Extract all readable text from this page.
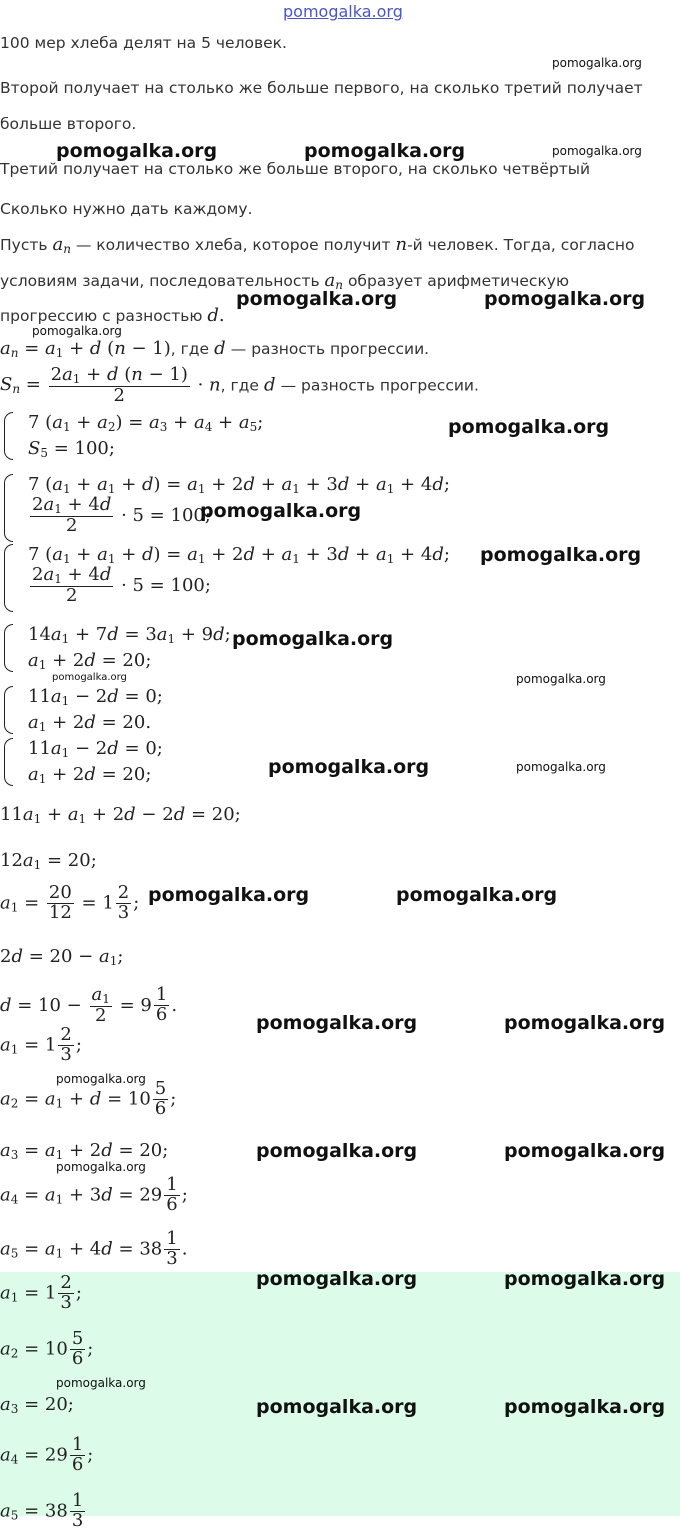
pomogalka.org
100 мер хлеба делят на 5 человек.
Второй получает на столько же больше первого, на сколько третий получает
больше второго.
Третий получает на столько же больше второго, на сколько четвёртый
Сколько нужно дать каждому.
Пусть $a_n$ — количество хлеба, которое получит n-й человек. Тогда, согласно
условиям задачи, последовательность $a_n$ образует арифметическую
прогрессию с разностью d.
$a_n = a_1 + d$ (n − 1), где d — разность прогрессии.
$S_n = \frac{2a_1 + d (n - 1)}{2} \cdot n$, где d — разность прогрессии.
7 $(a_1 + a_2) = a_3 + a_4 + a_5$;
$S_5 = 100$;
7 $(a_1 + a_1 + d) = a_1 + 2d + a_1 + 3d + a_1 + 4d$;
$\frac{2a_1 + 4d}{2} \cdot 5 = 100$;
7 $(a_1 + a_1 + d) = a_1 + 2d + a_1 + 3d + a_1 + 4d$;
$\frac{2a_1 + 4d}{2} \cdot 5 = 100$;
$14a_1 + 7d = 3a_1 + 9d$;
$a_1 + 2d = 20$;
$11a_1 - 2d = 0$;
$a_1 + 2d = 20$.
$11a_1 - 2d = 0$;
$a_1 + 2d = 20$;
$11a_1 + a_1 + 2d - 2d = 20$;
$12a_1 = 20$;
$a_1 = \frac{20}{12} = 1 \frac{2}{3}$ ;
$2d = 20 - a_1$;
$d = 10 - \frac{a_1}{2} = 9 \frac{1}{6}$ .
$a_1 = 1 \frac{2}{3}$ ;
$a_2 = a_1 + d = 10 \frac{5}{6}$ ;
$a_3 = a_1 + 2d = 20$;
$a_4 = a_1 + 3d = 29 \frac{1}{6}$ ;
$a_5 = a_1 + 4d = 38 \frac{1}{3}$ .
$a_1 = 1 \frac{2}{3}$ ;
$a_2 = 10 \frac{5}{6}$ ;
$a_3 = 20$;
$a_4 = 29 \frac{1}{6}$ ;
$a_5 = 38 \frac{1}{3}$
pomogalka.org
pomogalka.org	pomogalka.org	pomogalka.org
pomogalka.org	pomogalka.org
pomogalka.org
pomogalka.org
pomogalka.org
pomogalka.org
pomogalka.org
pomogalka.org	pomogalka.org
pomogalka.org	pomogalka.org
pomogalka.org	pomogalka.org
pomogalka.org	pomogalka.org
pomogalka.org
pomogalka.org	pomogalka.org
pomogalka.org
pomogalka.org	pomogalka.org
pomogalka.org
pomogalka.org	pomogalka.org
